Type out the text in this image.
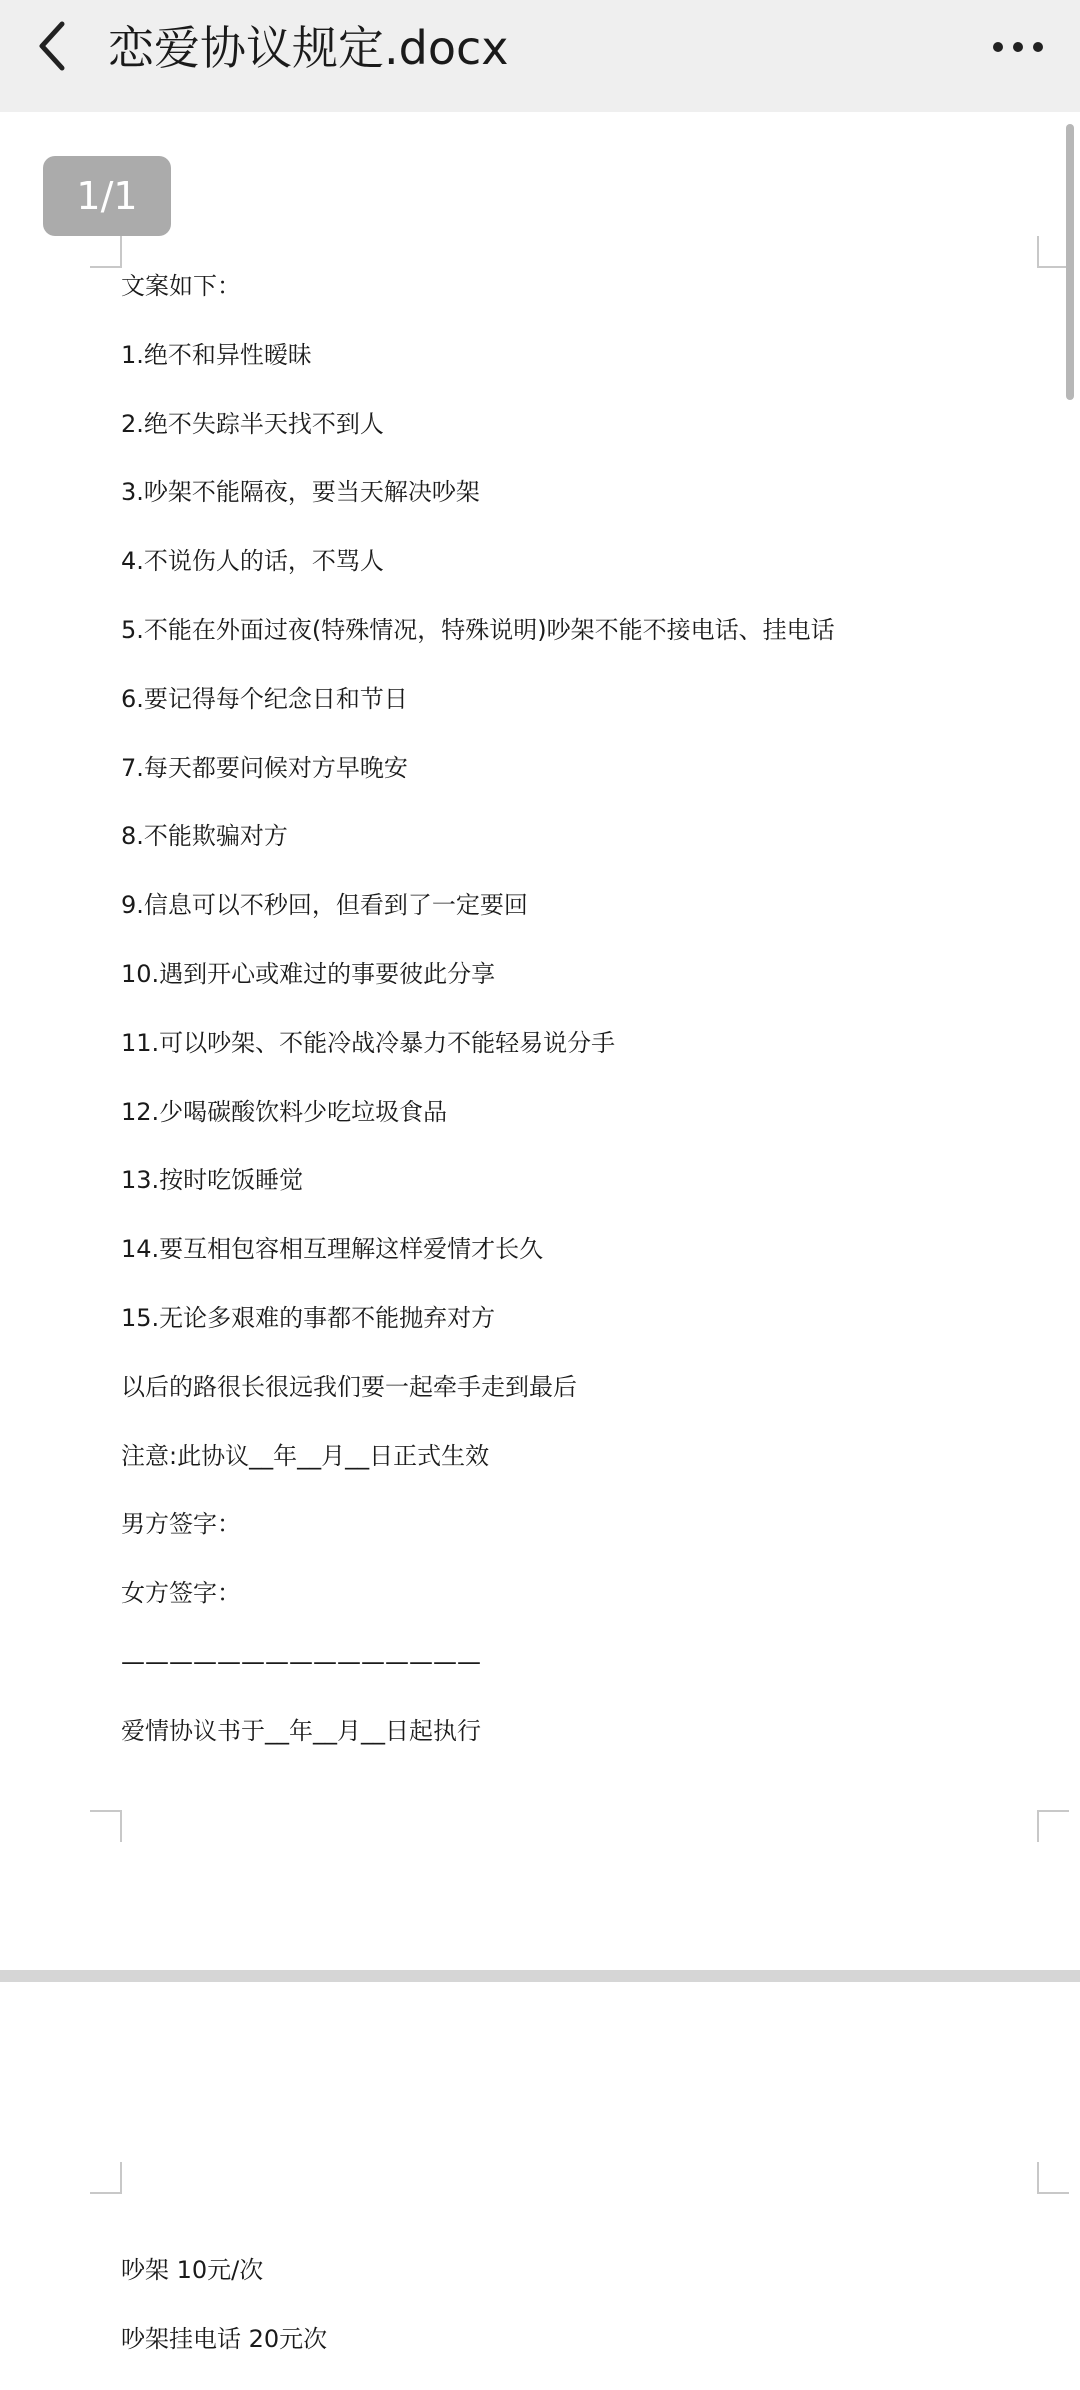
恋爱协议规定.docx
1/1
文案如下：
1.绝不和异性暧昧
2.绝不失踪半天找不到人
3.吵架不能隔夜，要当天解决吵架
4.不说伤人的话，不骂人
5.不能在外面过夜(特殊情况，特殊说明)吵架不能不接电话、挂电话
6.要记得每个纪念日和节日
7.每天都要问候对方早晚安
8.不能欺骗对方
9.信息可以不秒回，但看到了一定要回
10.遇到开心或难过的事要彼此分享
11.可以吵架、不能冷战冷暴力不能轻易说分手
12.少喝碳酸饮料少吃垃圾食品
13.按时吃饭睡觉
14.要互相包容相互理解这样爱情才长久
15.无论多艰难的事都不能抛弃对方
以后的路很长很远我们要一起牵手走到最后
注意:此协议__年__月__日正式生效
男方签字：
女方签字：
———————————————
爱情协议书于__年__月__日起执行
吵架 10元/次
吵架挂电话 20元次
